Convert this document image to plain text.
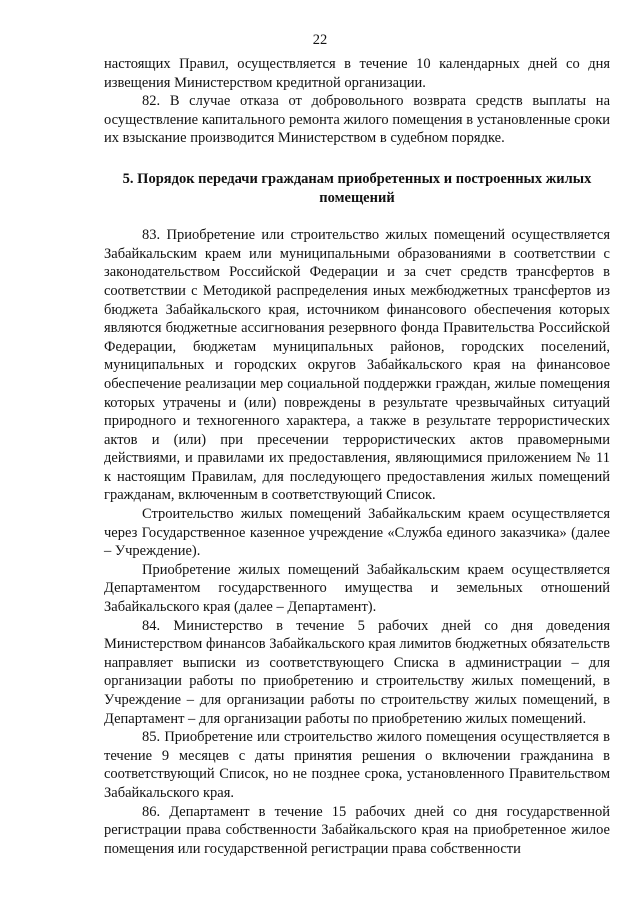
22

настоящих Правил, осуществляется в течение 10 календарных дней со дня извещения Министерством кредитной организации.

82. В случае отказа от добровольного возврата средств выплаты на осуществление капитального ремонта жилого помещения в установленные сроки их взыскание производится Министерством в судебном порядке.

5. Порядок передачи гражданам приобретенных и построенных жилых помещений

83. Приобретение или строительство жилых помещений осуществляется Забайкальским краем или муниципальными образованиями в соответствии с законодательством Российской Федерации и за счет средств трансфертов в соответствии с Методикой распределения иных межбюджетных трансфертов из бюджета Забайкальского края, источником финансового обеспечения которых являются бюджетные ассигнования резервного фонда Правительства Российской Федерации, бюджетам муниципальных районов, городских поселений, муниципальных и городских округов Забайкальского края на финансовое обеспечение реализации мер социальной поддержки граждан, жилые помещения которых утрачены и (или) повреждены в результате чрезвычайных ситуаций природного и техногенного характера, а также в результате террористических актов и (или) при пресечении террористических актов правомерными действиями, и правилами их предоставления, являющимися приложением № 11 к настоящим Правилам, для последующего предоставления жилых помещений гражданам, включенным в соответствующий Список.

Строительство жилых помещений Забайкальским краем осуществляется через Государственное казенное учреждение «Служба единого заказчика» (далее – Учреждение).

Приобретение жилых помещений Забайкальским краем осуществляется Департаментом государственного имущества и земельных отношений Забайкальского края (далее – Департамент).

84. Министерство в течение 5 рабочих дней со дня доведения Министерством финансов Забайкальского края лимитов бюджетных обязательств направляет выписки из соответствующего Списка в администрации – для организации работы по приобретению и строительству жилых помещений, в Учреждение – для организации работы по строительству жилых помещений, в Департамент – для организации работы по приобретению жилых помещений.

85. Приобретение или строительство жилого помещения осуществляется в течение 9 месяцев с даты принятия решения о включении гражданина в соответствующий Список, но не позднее срока, установленного Правительством Забайкальского края.

86. Департамент в течение 15 рабочих дней со дня государственной регистрации права собственности Забайкальского края на приобретенное жилое помещения или государственной регистрации права собственности
